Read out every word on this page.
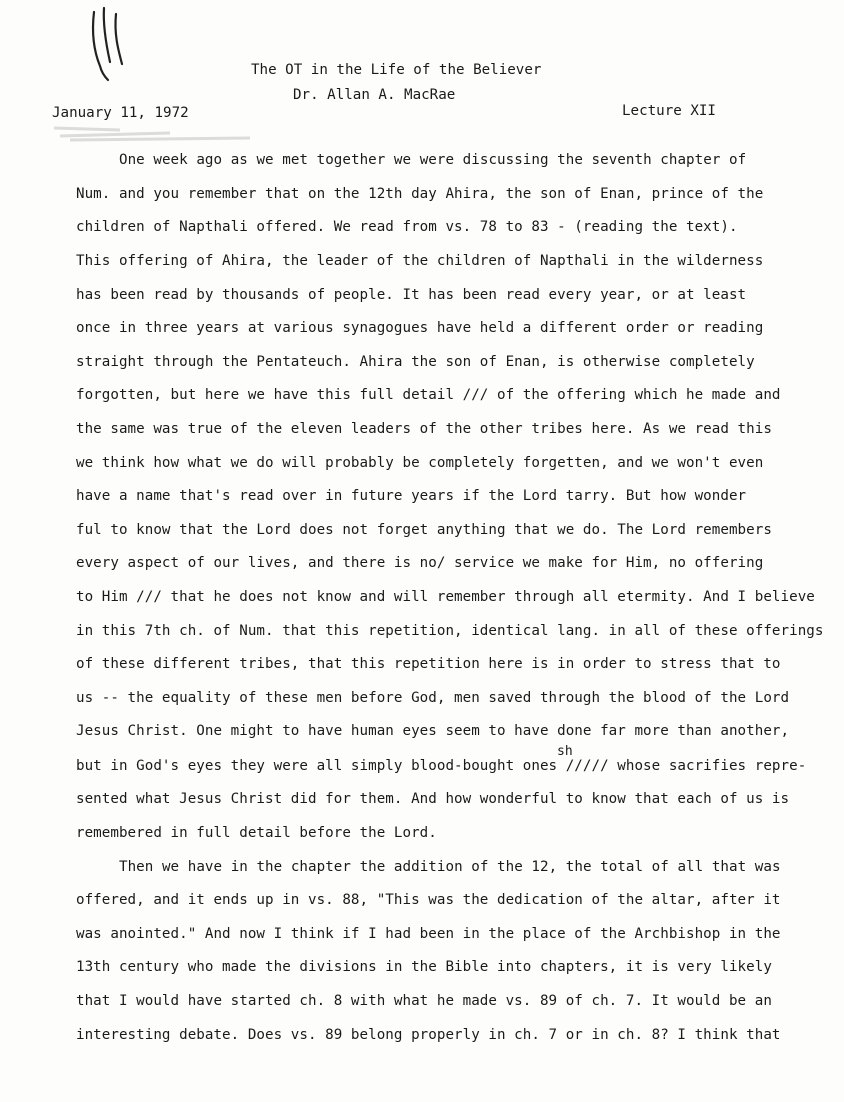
The OT in the Life of the Believer
Dr. Allan A. MacRae
January 11, 1972	Lecture XII
One week ago as we met together we were discussing the seventh chapter of
Num. and you remember that on the 12th day Ahira, the son of Enan, prince of the
children of Napthali offered. We read from vs. 78 to 83 - (reading the text).
This offering of Ahira, the leader of the children of Napthali in the wilderness
has been read by thousands of people. It has been read every year, or at least
once in three years at various synagogues have held a different order or reading
straight through the Pentateuch. Ahira the son of Enan, is otherwise completely
forgotten, but here we have this full detail /// of the offering which he made and
the same was true of the eleven leaders of the other tribes here. As we read this
we think how what we do will probably be completely forgetten, and we won't even
have a name that's read over in future years if the Lord tarry. But how wonder
ful to know that the Lord does not forget anything that we do. The Lord remembers
every aspect of our lives, and there is no/ service we make for Him, no offering
to Him /// that he does not know and will remember through all etermity. And I believe
in this 7th ch. of Num. that this repetition, identical lang. in all of these offerings
of these different tribes, that this repetition here is in order to stress that to
us -- the equality of these men before God, men saved through the blood of the Lord
Jesus Christ. One might to have human eyes seem to have done far more than another,
sh
but in God's eyes they were all simply blood-bought ones ///// whose sacrifies repre-
sented what Jesus Christ did for them. And how wonderful to know that each of us is
remembered in full detail before the Lord.
Then we have in the chapter the addition of the 12, the total of all that was
offered, and it ends up in vs. 88, "This was the dedication of the altar, after it
was anointed." And now I think if I had been in the place of the Archbishop in the
13th century who made the divisions in the Bible into chapters, it is very likely
that I would have started ch. 8 with what he made vs. 89 of ch. 7. It would be an
interesting debate. Does vs. 89 belong properly in ch. 7 or in ch. 8? I think that
